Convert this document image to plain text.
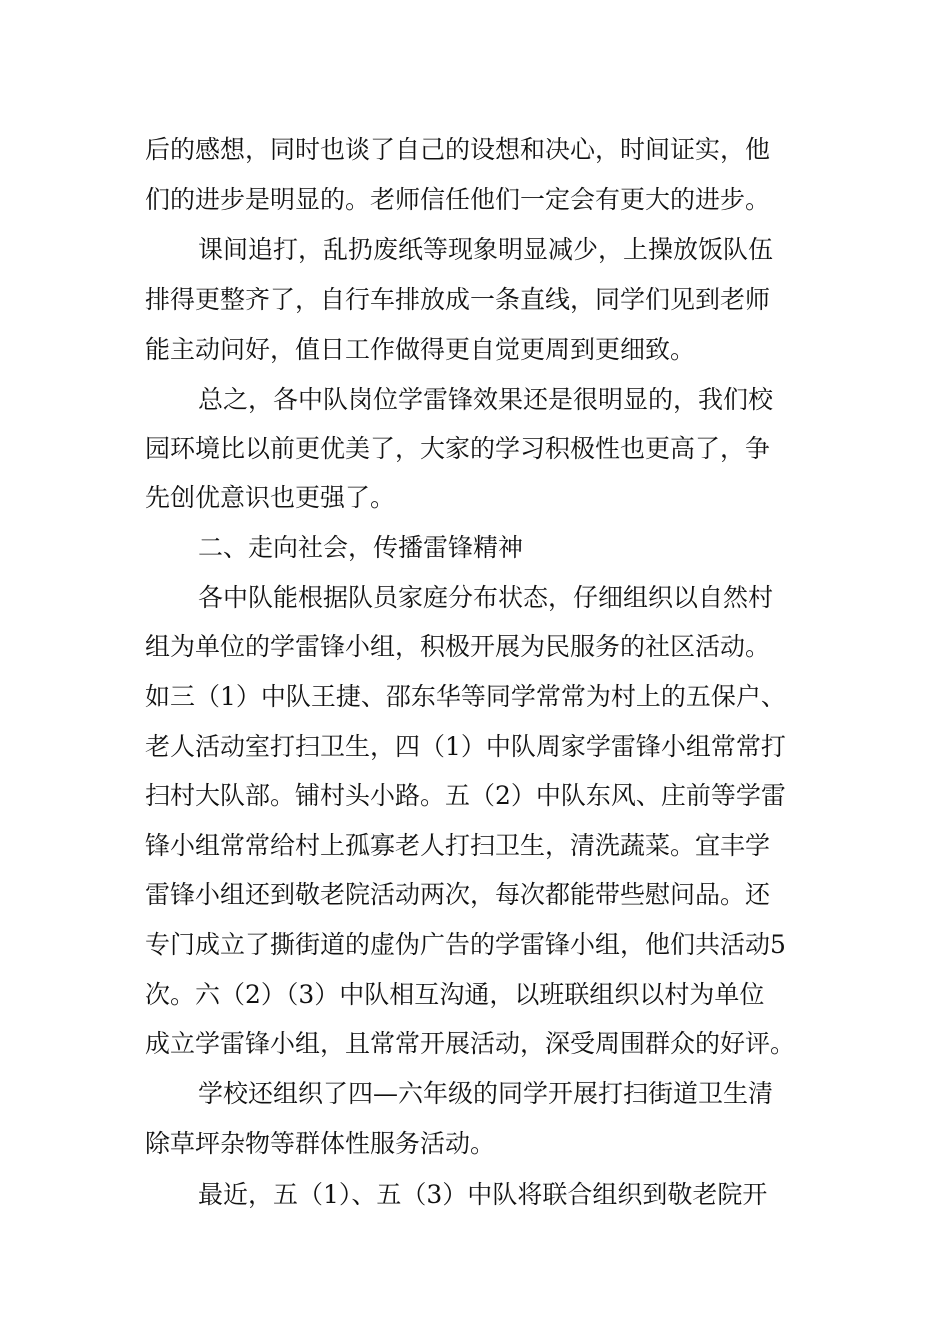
后的感想，同时也谈了自己的设想和决心，时间证实，他
们的进步是明显的。老师信任他们一定会有更大的进步。
课间追打，乱扔废纸等现象明显减少，上操放饭队伍
排得更整齐了，自行车排放成一条直线，同学们见到老师
能主动问好，值日工作做得更自觉更周到更细致。
总之，各中队岗位学雷锋效果还是很明显的，我们校
园环境比以前更优美了，大家的学习积极性也更高了，争
先创优意识也更强了。
二、走向社会，传播雷锋精神
各中队能根据队员家庭分布状态，仔细组织以自然村
组为单位的学雷锋小组，积极开展为民服务的社区活动。
如三（1）中队王捷、邵东华等同学常常为村上的五保户、
老人活动室打扫卫生，四（1）中队周家学雷锋小组常常打
扫村大队部。铺村头小路。五（2）中队东风、庄前等学雷
锋小组常常给村上孤寡老人打扫卫生，清洗蔬菜。宜丰学
雷锋小组还到敬老院活动两次，每次都能带些慰问品。还
专门成立了撕街道的虚伪广告的学雷锋小组，他们共活动5
次。六（2）（3）中队相互沟通，以班联组织以村为单位
成立学雷锋小组，且常常开展活动，深受周围群众的好评。
学校还组织了四—六年级的同学开展打扫街道卫生清
除草坪杂物等群体性服务活动。
最近，五（1）、五（3）中队将联合组织到敬老院开
